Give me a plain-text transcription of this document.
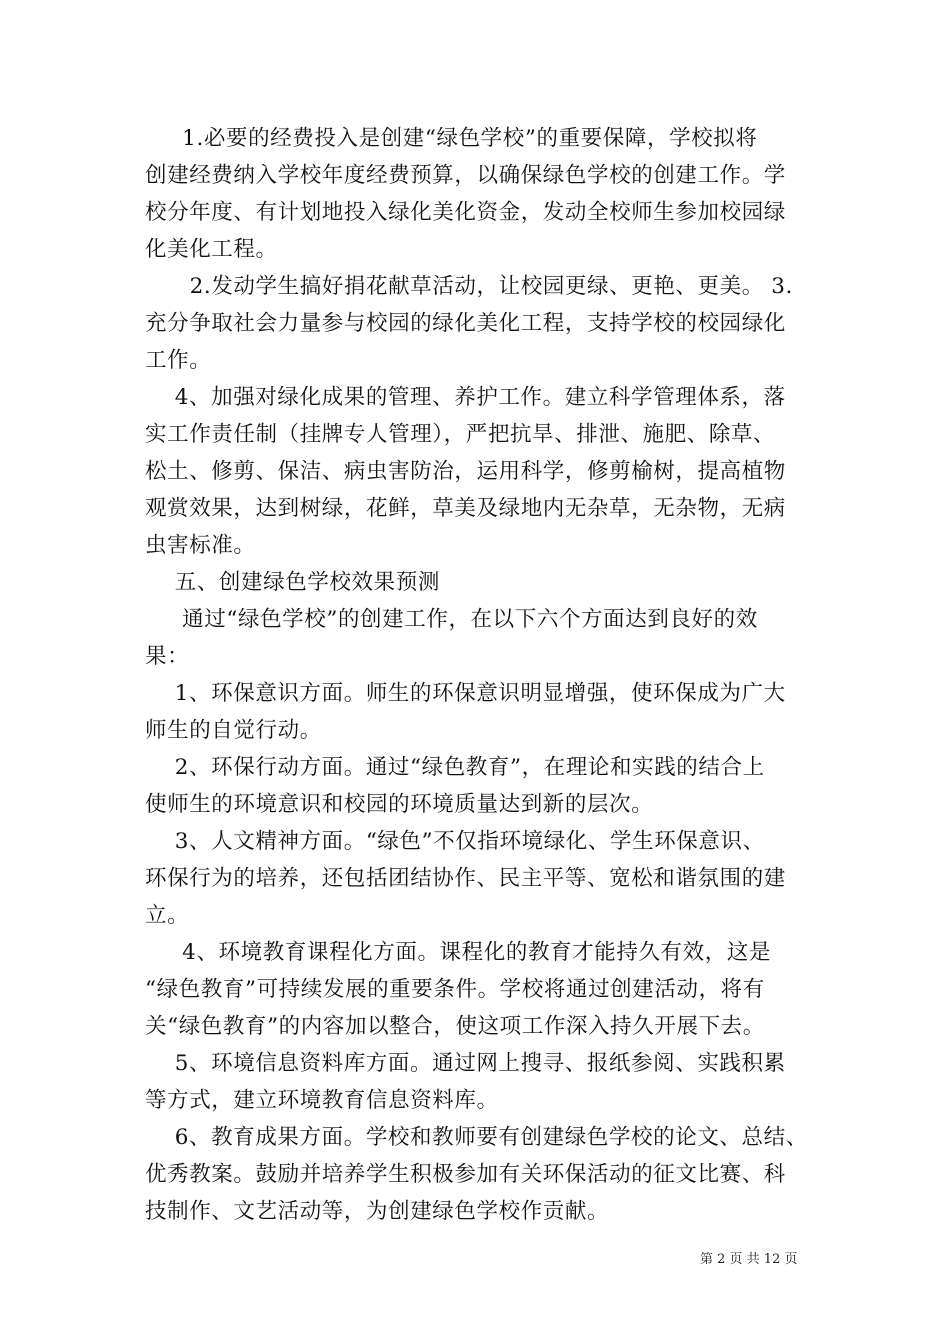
1.必要的经费投入是创建“绿色学校”的重要保障，学校拟将
创建经费纳入学校年度经费预算，以确保绿色学校的创建工作。学
校分年度、有计划地投入绿化美化资金，发动全校师生参加校园绿
化美化工程。
2.发动学生搞好捐花献草活动，让校园更绿、更艳、更美。 3.
充分争取社会力量参与校园的绿化美化工程，支持学校的校园绿化
工作。
4、加强对绿化成果的管理、养护工作。建立科学管理体系，落
实工作责任制（挂牌专人管理），严把抗旱、排泄、施肥、除草、
松土、修剪、保洁、病虫害防治，运用科学，修剪榆树，提高植物
观赏效果，达到树绿，花鲜，草美及绿地内无杂草，无杂物，无病
虫害标准。
五、创建绿色学校效果预测
通过“绿色学校”的创建工作，在以下六个方面达到良好的效
果：
1、环保意识方面。师生的环保意识明显增强，使环保成为广大
师生的自觉行动。
2、环保行动方面。通过“绿色教育”，在理论和实践的结合上
使师生的环境意识和校园的环境质量达到新的层次。
3、人文精神方面。“绿色”不仅指环境绿化、学生环保意识、
环保行为的培养，还包括团结协作、民主平等、宽松和谐氛围的建
立。
4、环境教育课程化方面。课程化的教育才能持久有效，这是
“绿色教育”可持续发展的重要条件。学校将通过创建活动，将有
关“绿色教育”的内容加以整合，使这项工作深入持久开展下去。
5、环境信息资料库方面。通过网上搜寻、报纸参阅、实践积累
等方式，建立环境教育信息资料库。
6、教育成果方面。学校和教师要有创建绿色学校的论文、总结、
优秀教案。鼓励并培养学生积极参加有关环保活动的征文比赛、科
技制作、文艺活动等，为创建绿色学校作贡献。
第 2 页 共 12 页
